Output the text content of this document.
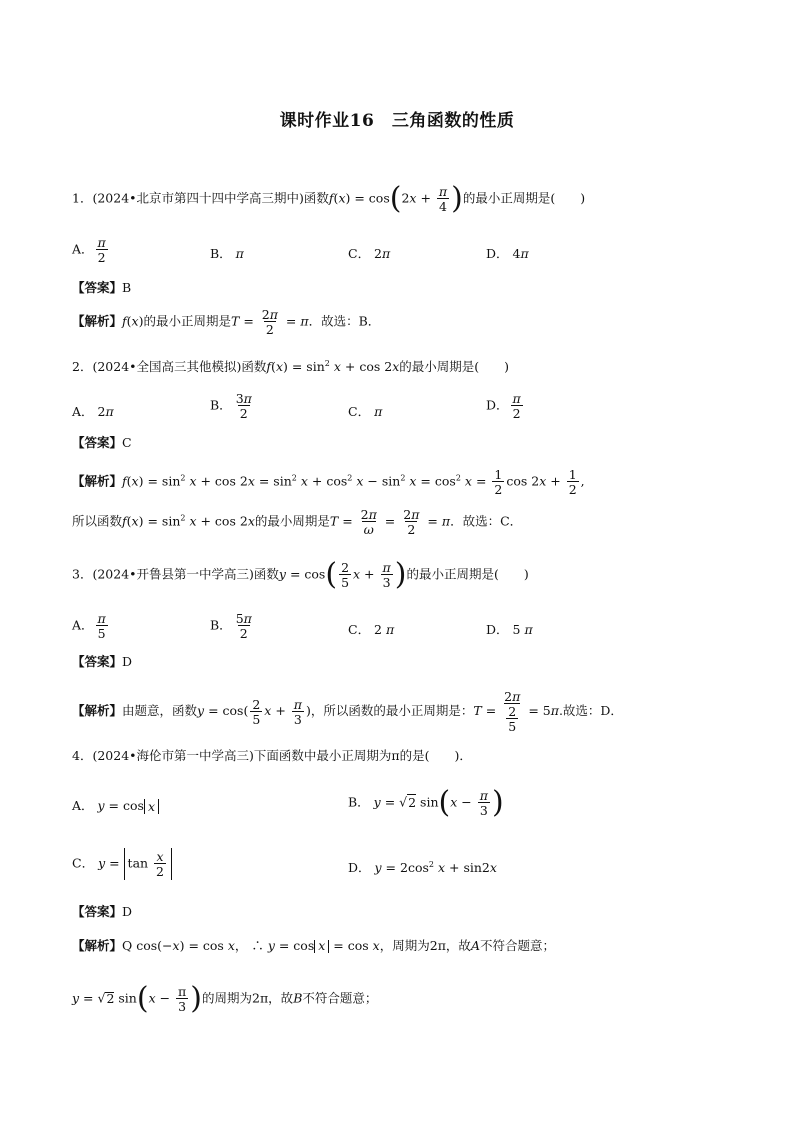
课时作业16　三角函数的性质
1．(2024•北京市第四十四中学高三期中)函数$f(x) = \cos(2x + \frac{\pi}{4}$ )的最小正周期是(　　)
A． $\frac{\pi}{2}$	B． π	C． 2π	D． 4π
【答案】B
【解析】f(x)的最小正周期是$T = \frac{2\pi}{2} = \pi$．故选：B．
2．(2024•全国高三其他模拟)函数$f(x) = \sin^2 x + \cos 2x$的最小周期是(　　)
A． 2π	B． $\frac{3\pi}{2}$	C． π	D． $\frac{\pi}{2}$
【答案】C
【解析】$f(x) = \sin^2 x + \cos 2x = \sin^2 x + \cos^2 x - \sin^2 x = \cos^2 x = \frac{1}{2}$ $\cos 2x + \frac{1}{2}$ ,
所以函数$f(x) = \sin^2 x + \cos 2x$的最小周期是$T = \frac{2\pi}{\omega} = \frac{2\pi}{2} = \pi$．故选：C．
3．(2024•开鲁县第一中学高三)函数$y = \cos( \frac{2}{5}$ $x + \frac{\pi}{3}$ )的最小正周期是(　　)
A． $\frac{\pi}{5}$	B． $\frac{5\pi}{2}$	C． 2 π	D． 5 π
【答案】D
【解析】由题意，函数$y = \cos( \frac{2}{5}$ $x + \frac{\pi}{3}$ )，所以函数的最小正周期是：$T = \frac{2\pi}{\frac{2}{5}} = 5\pi$.故选：D．
4．(2024•海伦市第一中学高三)下面函数中最小正周期为π的是(　　)．
A． y = cos x	B． y = √2 $\sin(x - \frac{\pi}{3}$ )
C． $y = \tan \frac{x}{2}$	D． $y = 2\cos^2$ x + sin2x
【答案】D
【解析】Q cos(−x) = cos x， ∴ y = cos x = cos x，周期为2π，故A不符合题意；
y = √2 $\sin(x - \frac{\pi}{3}$ )的周期为2π，故B不符合题意；
